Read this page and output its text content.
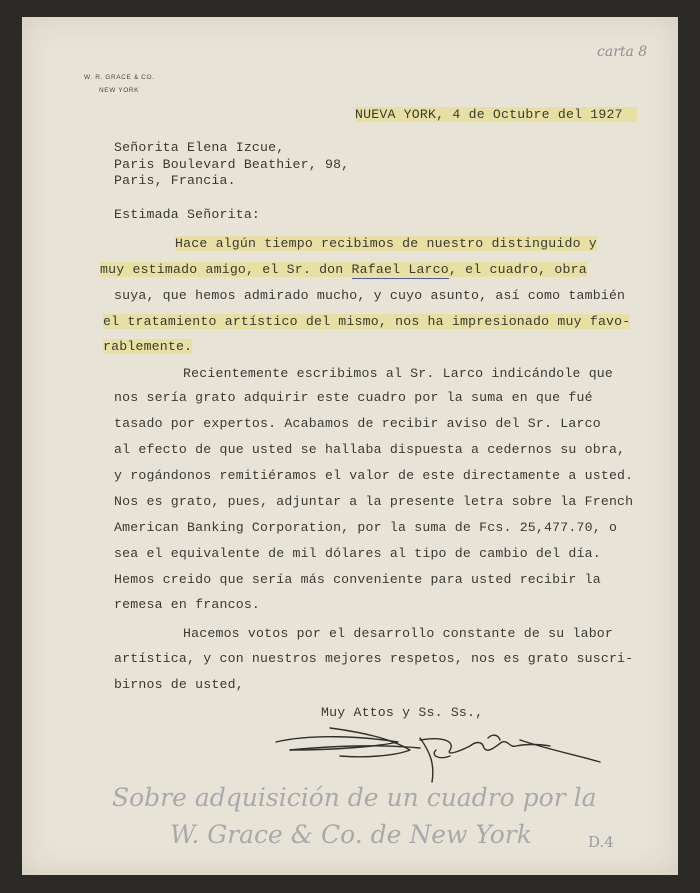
W. R. GRACE & CO.
NEW YORK
carta 8
NUEVA YORK, 4 de Octubre del 1927
Señorita Elena Izcue,
Paris Boulevard Beathier, 98,
Paris, Francia.
Estimada Señorita:
Hace algún tiempo recibimos de nuestro distinguido y
muy estimado amigo, el Sr. don Rafael Larco, el cuadro, obra
suya, que hemos admirado mucho, y cuyo asunto, así como también
el tratamiento artístico del mismo, nos ha impresionado muy favo-
rablemente.
Recientemente escribimos al Sr. Larco indicándole que
nos sería grato adquirir este cuadro por la suma en que fué
tasado por expertos. Acabamos de recibir aviso del Sr. Larco
al efecto de que usted se hallaba dispuesta a cedernos su obra,
y rogándonos remitiéramos el valor de este directamente a usted.
Nos es grato, pues, adjuntar a la presente letra sobre la French
American Banking Corporation, por la suma de Fcs. 25,477.70, o
sea el equivalente de mil dólares al tipo de cambio del día.
Hemos creido que sería más conveniente para usted recibir la
remesa en francos.
Hacemos votos por el desarrollo constante de su labor
artística, y con nuestros mejores respetos, nos es grato suscri-
birnos de usted,
Muy Attos y Ss. Ss.,
Sobre adquisición de un cuadro por la
W. Grace & Co. de New York	D.4
